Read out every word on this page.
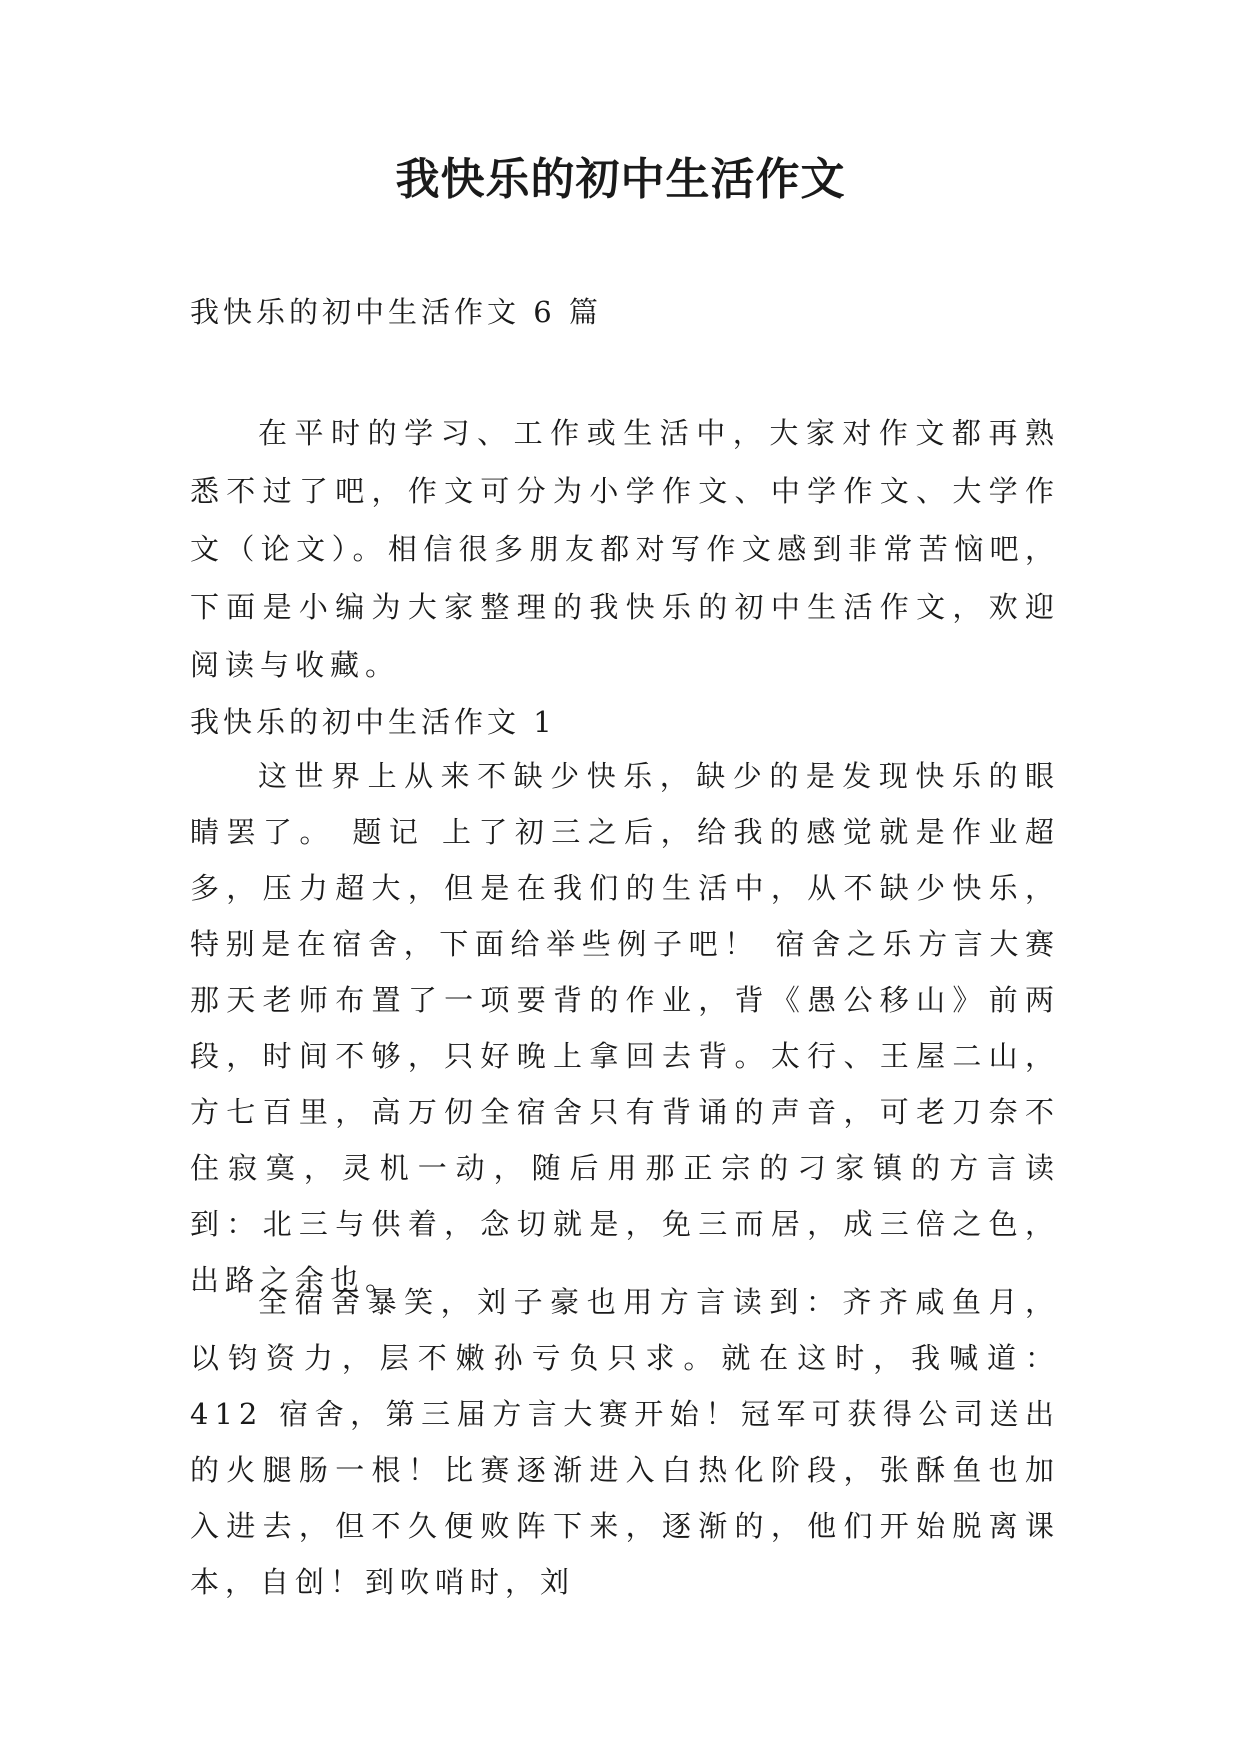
我快乐的初中生活作文

我快乐的初中生活作文 6 篇

在平时的学习、工作或生活中，大家对作文都再熟悉不过了吧，作文可分为小学作文、中学作文、大学作文（论文）。相信很多朋友都对写作文感到非常苦恼吧，下面是小编为大家整理的我快乐的初中生活作文，欢迎阅读与收藏。

我快乐的初中生活作文 1

这世界上从来不缺少快乐，缺少的是发现快乐的眼睛罢了。 题记 上了初三之后，给我的感觉就是作业超多，压力超大，但是在我们的生活中，从不缺少快乐，特别是在宿舍，下面给举些例子吧！ 宿舍之乐方言大赛 那天老师布置了一项要背的作业，背《愚公移山》前两段，时间不够，只好晚上拿回去背。太行、王屋二山，方七百里，高万仞全宿舍只有背诵的声音，可老刀奈不住寂寞，灵机一动，随后用那正宗的刁家镇的方言读到：北三与供着，念切就是，免三而居，成三倍之色，出路之余也。

全宿舍暴笑，刘子豪也用方言读到：齐齐咸鱼月，以钧资力，层不嫩孙亏负只求。就在这时，我喊道：412 宿舍，第三届方言大赛开始！冠军可获得公司送出的火腿肠一根！比赛逐渐进入白热化阶段，张酥鱼也加入进去，但不久便败阵下来，逐渐的，他们开始脱离课本，自创！到吹哨时，刘
